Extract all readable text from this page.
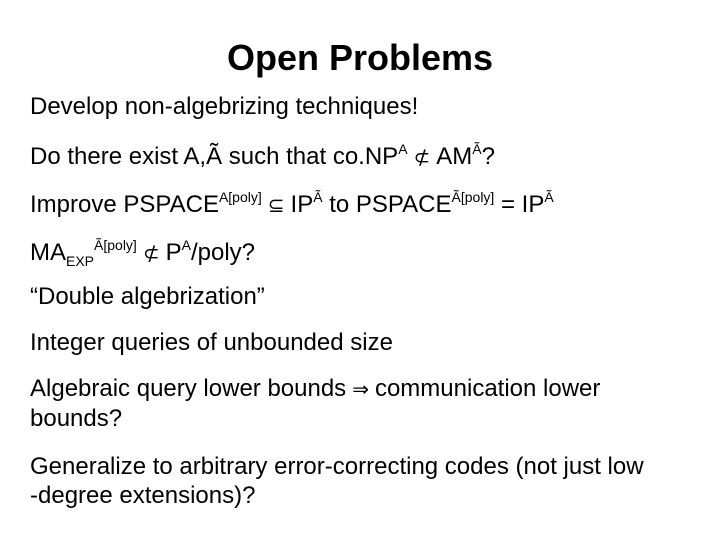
Open Problems
Develop non-algebrizing techniques!
Do there exist A,Ã such that $co.NP^A$ ⊄ $AM^Ã$?
Improve $PSPACE^{A[poly]}$ ⊆ $IP^Ã$ to $PSPACE^{Ã[poly]} = IP^Ã$
$MA_{EXP}^{Ã[poly]}$ ⊄ $P^A$/poly?
“Double algebrization”
Integer queries of unbounded size
Algebraic query lower bounds ⇒ communication lower
bounds?
Generalize to arbitrary error-correcting codes (not just low
-degree extensions)?
